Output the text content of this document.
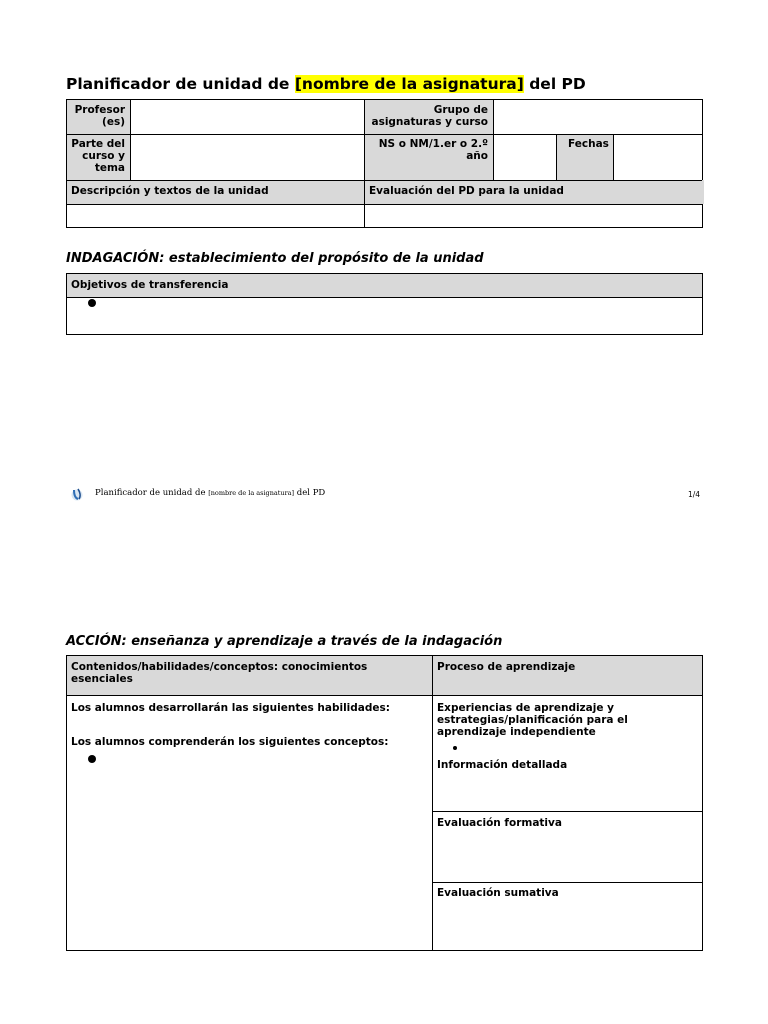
Planificador de unidad de [nombre de la asignatura] del PD
Profesor (es)
Grupo de asignaturas y curso
Parte del curso y tema
NS o NM/1.er o 2.º año
Fechas
Descripción y textos de la unidad	Evaluación del PD para la unidad
INDAGACIÓN: establecimiento del propósito de la unidad
Objetivos de transferencia
Planificador de unidad de [nombre de la asignatura] del PD	1/4
ACCIÓN: enseñanza y aprendizaje a través de la indagación
Contenidos/habilidades/conceptos: conocimientos esenciales
Proceso de aprendizaje
Los alumnos desarrollarán las siguientes habilidades:
Los alumnos comprenderán los siguientes conceptos:
Experiencias de aprendizaje y estrategias/planificación para el aprendizaje independiente
Información detallada
Evaluación formativa
Evaluación sumativa
